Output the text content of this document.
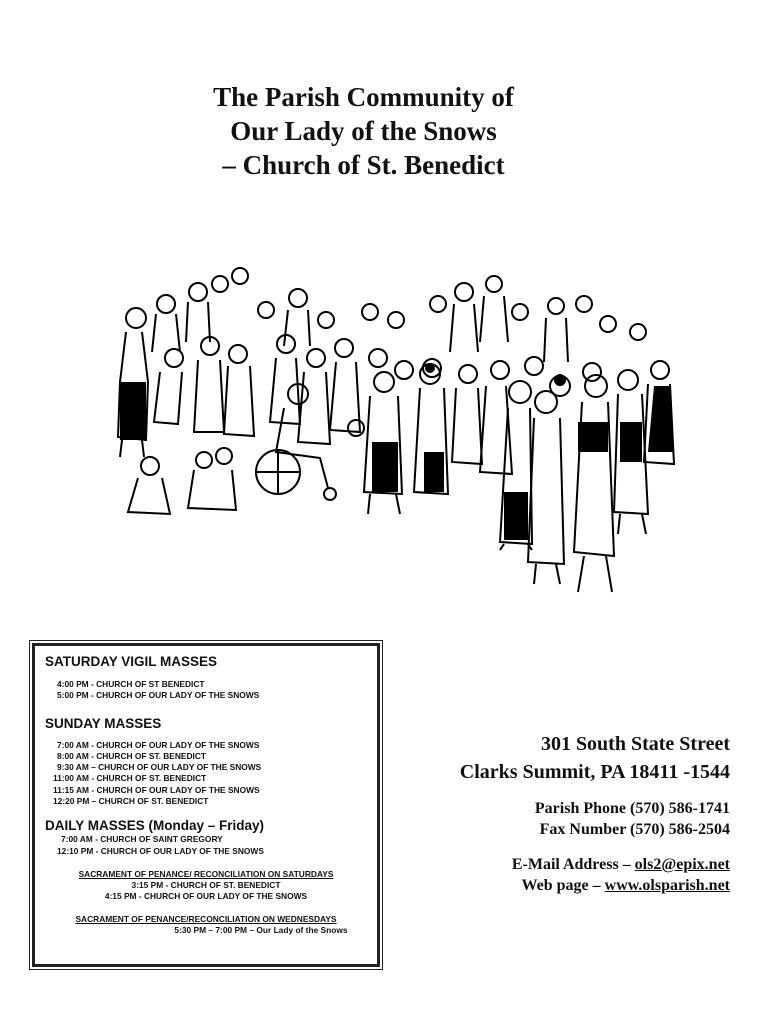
The Parish Community of
Our Lady of the Snows
– Church of St. Benedict
SATURDAY VIGIL MASSES
4:00 PM - CHURCH OF ST BENEDICT
5:00 PM - CHURCH OF OUR LADY OF THE SNOWS
SUNDAY MASSES
7:00 AM - CHURCH OF OUR LADY OF THE SNOWS
8:00 AM - CHURCH OF ST. BENEDICT
9:30 AM – CHURCH OF OUR LADY OF THE SNOWS
11:00 AM - CHURCH OF ST. BENEDICT
11:15 AM - CHURCH OF OUR LADY OF THE SNOWS
12:20 PM – CHURCH OF ST. BENEDICT
DAILY MASSES (Monday – Friday)
7:00 AM - CHURCH OF SAINT GREGORY
12:10 PM - CHURCH OF OUR LADY OF THE SNOWS
SACRAMENT OF PENANCE/ RECONCILIATION ON SATURDAYS
3:15 PM - CHURCH OF ST. BENEDICT
4:15 PM - CHURCH OF OUR LADY OF THE SNOWS
SACRAMENT OF PENANCE/RECONCILIATION ON WEDNESDAYS
5:30 PM – 7:00 PM – Our Lady of the Snows
301 South State Street
Clarks Summit, PA 18411 -1544
Parish Phone (570) 586-1741
Fax Number (570) 586-2504
E-Mail Address – ols2@epix.net
Web page – www.olsparish.net
